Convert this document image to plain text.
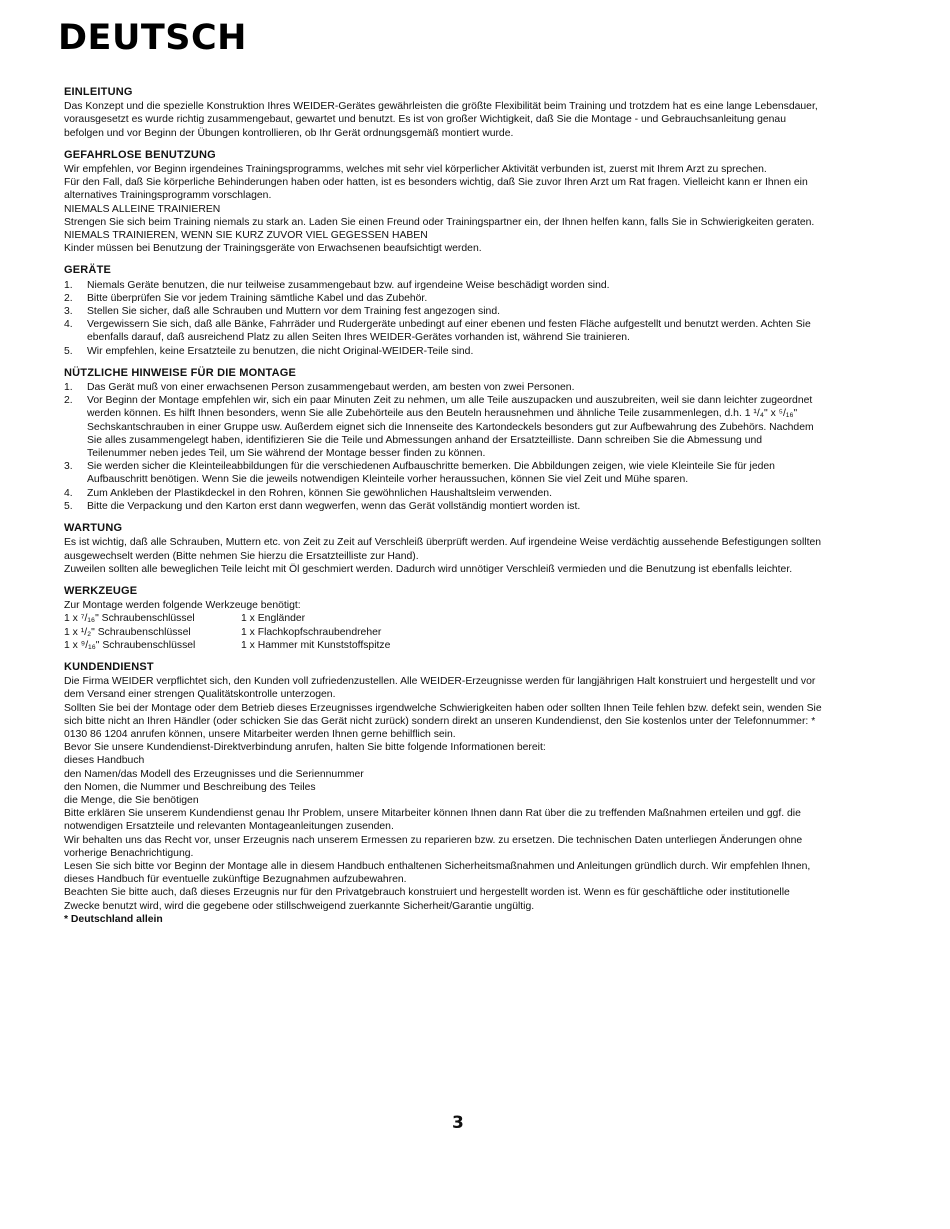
DEUTSCH
EINLEITUNG

Das Konzept und die spezielle Konstruktion Ihres WEIDER-Gerätes gewährleisten die größte Flexibilität beim Training und trotzdem hat es eine lange Lebensdauer, vorausgesetzt es wurde richtig zusammengebaut, gewartet und benutzt. Es ist von großer Wichtigkeit, daß Sie die Montage - und Gebrauchsanleitung genau befolgen und vor Beginn der Übungen kontrollieren, ob Ihr Gerät ordnungsgemäß montiert wurde.

GEFAHRLOSE BENUTZUNG

Wir empfehlen, vor Beginn irgendeines Trainingsprogramms, welches mit sehr viel körperlicher Aktivität verbunden ist, zuerst mit Ihrem Arzt zu sprechen.

Für den Fall, daß Sie körperliche Behinderungen haben oder hatten, ist es besonders wichtig, daß Sie zuvor Ihren Arzt um Rat fragen. Vielleicht kann er Ihnen ein alternatives Trainingsprogramm vorschlagen.

NIEMALS ALLEINE TRAINIEREN

Strengen Sie sich beim Training niemals zu stark an. Laden Sie einen Freund oder Trainingspartner ein, der Ihnen helfen kann, falls Sie in Schwierigkeiten geraten.

NIEMALS TRAINIEREN, WENN SIE KURZ ZUVOR VIEL GEGESSEN HABEN

Kinder müssen bei Benutzung der Trainingsgeräte von Erwachsenen beaufsichtigt werden.

GERÄTE
1. Niemals Geräte benutzen, die nur teilweise zusammengebaut bzw. auf irgendeine Weise beschädigt worden sind.
2. Bitte überprüfen Sie vor jedem Training sämtliche Kabel und das Zubehör.
3. Stellen Sie sicher, daß alle Schrauben und Muttern vor dem Training fest angezogen sind.
4. Vergewissern Sie sich, daß alle Bänke, Fahrräder und Rudergeräte unbedingt auf einer ebenen und festen Fläche aufgestellt und benutzt werden. Achten Sie ebenfalls darauf, daß ausreichend Platz zu allen Seiten Ihres WEIDER-Gerätes vorhanden ist, während Sie trainieren.
5. Wir empfehlen, keine Ersatzteile zu benutzen, die nicht Original-WEIDER-Teile sind.
NÜTZLICHE HINWEISE FÜR DIE MONTAGE
1. Das Gerät muß von einer erwachsenen Person zusammengebaut werden, am besten von zwei Personen.
2. Vor Beginn der Montage empfehlen wir, sich ein paar Minuten Zeit zu nehmen, um alle Teile auszupacken und auszubreiten, weil sie dann leichter zugeordnet werden können. Es hilft Ihnen besonders, wenn Sie alle Zubehörteile aus den Beuteln herausnehmen und ähnliche Teile zusammenlegen, d.h. 1 ¹/₄" x ⁵/₁₆" Sechskantschrauben in einer Gruppe usw. Außerdem eignet sich die Innenseite des Kartondeckels besonders gut zur Aufbewahrung des Zubehörs. Nachdem Sie alles zusammengelegt haben, identifizieren Sie die Teile und Abmessungen anhand der Ersatzteilliste. Dann schreiben Sie die Abmessung und Teilenummer neben jedes Teil, um Sie während der Montage besser finden zu können.
3. Sie werden sicher die Kleinteileabbildungen für die verschiedenen Aufbauschritte bemerken. Die Abbildungen zeigen, wie viele Kleinteile Sie für jeden Aufbauschritt benötigen. Wenn Sie die jeweils notwendigen Kleinteile vorher heraussuchen, können Sie viel Zeit und Mühe sparen.
4. Zum Ankleben der Plastikdeckel in den Rohren, können Sie gewöhnlichen Haushaltsleim verwenden.
5. Bitte die Verpackung und den Karton erst dann wegwerfen, wenn das Gerät vollständig montiert worden ist.
WARTUNG

Es ist wichtig, daß alle Schrauben, Muttern etc. von Zeit zu Zeit auf Verschleiß überprüft werden. Auf irgendeine Weise verdächtig aussehende Befestigungen sollten ausgewechselt werden (Bitte nehmen Sie hierzu die Ersatzteilliste zur Hand).

Zuweilen sollten alle beweglichen Teile leicht mit Öl geschmiert werden. Dadurch wird unnötiger Verschleiß vermieden und die Benutzung ist ebenfalls leichter.

WERKZEUGE

Zur Montage werden folgende Werkzeuge benötigt:

1 x ⁷/₁₆" Schraubenschlüssel	1 x Engländer
1 x ¹/₂" Schraubenschlüssel	1 x Flachkopfschraubendreher
1 x ⁹/₁₆" Schraubenschlüssel	1 x Hammer mit Kunststoffspitze
KUNDENDIENST

Die Firma WEIDER verpflichtet sich, den Kunden voll zufriedenzustellen. Alle WEIDER-Erzeugnisse werden für langjährigen Halt konstruiert und hergestellt und vor dem Versand einer strengen Qualitätskontrolle unterzogen.

Sollten Sie bei der Montage oder dem Betrieb dieses Erzeugnisses irgendwelche Schwierigkeiten haben oder sollten Ihnen Teile fehlen bzw. defekt sein, wenden Sie sich bitte nicht an Ihren Händler (oder schicken Sie das Gerät nicht zurück) sondern direkt an unseren Kundendienst, den Sie kostenlos unter der Telefonnummer: * 0130 86 1204 anrufen können, unsere Mitarbeiter werden Ihnen gerne behilflich sein.

Bevor Sie unsere Kundendienst-Direktverbindung anrufen, halten Sie bitte folgende Informationen bereit:

dieses Handbuch

den Namen/das Modell des Erzeugnisses und die Seriennummer

den Nomen, die Nummer und Beschreibung des Teiles

die Menge, die Sie benötigen

Bitte erklären Sie unserem Kundendienst genau Ihr Problem, unsere Mitarbeiter können Ihnen dann Rat über die zu treffenden Maßnahmen erteilen und ggf. die notwendigen Ersatzteile und relevanten Montageanleitungen zusenden.

Wir behalten uns das Recht vor, unser Erzeugnis nach unserem Ermessen zu reparieren bzw. zu ersetzen. Die technischen Daten unterliegen Änderungen ohne vorherige Benachrichtigung.

Lesen Sie sich bitte vor Beginn der Montage alle in diesem Handbuch enthaltenen Sicherheitsmaßnahmen und Anleitungen gründlich durch. Wir empfehlen Ihnen, dieses Handbuch für eventuelle zukünftige Bezugnahmen aufzubewahren.

Beachten Sie bitte auch, daß dieses Erzeugnis nur für den Privatgebrauch konstruiert und hergestellt worden ist. Wenn es für geschäftliche oder institutionelle Zwecke benutzt wird, wird die gegebene oder stillschweigend zuerkannte Sicherheit/Garantie ungültig.

* Deutschland allein

3
